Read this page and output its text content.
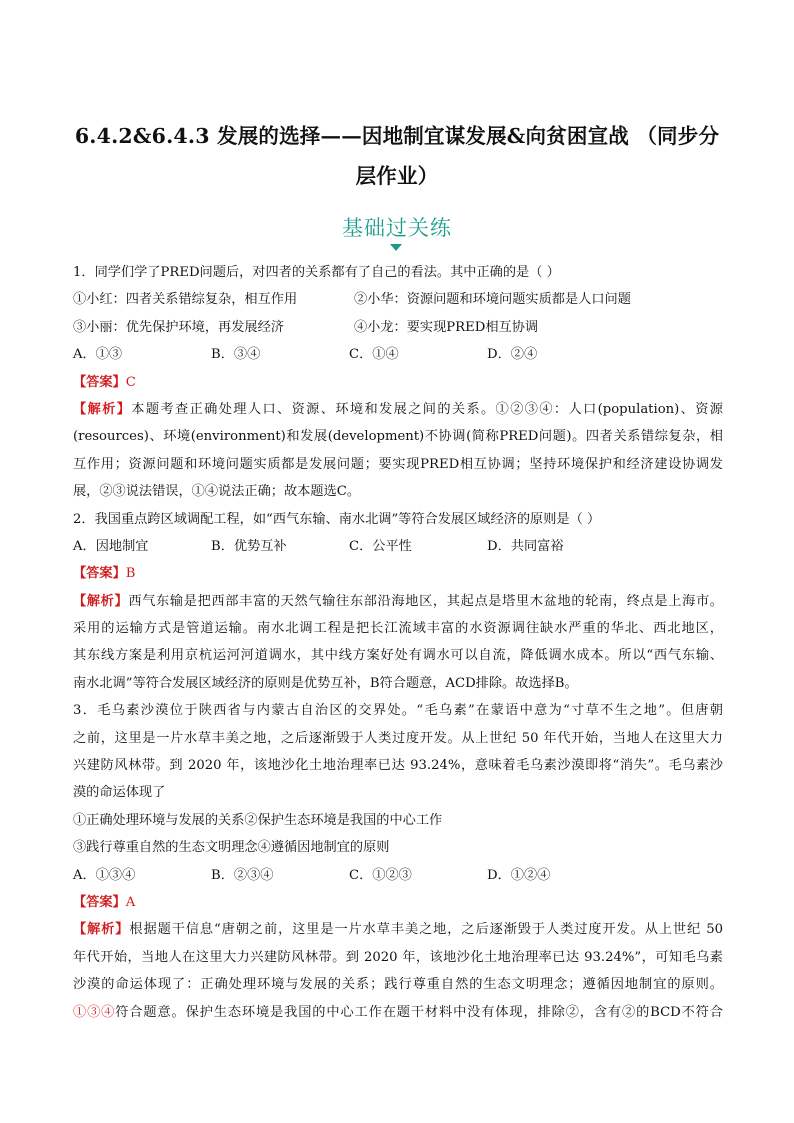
6.4.2&6.4.3 发展的选择——因地制宜谋发展&向贫困宣战 （同步分
层作业）
基础过关练
1．同学们学了PRED问题后，对四者的关系都有了自己的看法。其中正确的是（ ）
①小红：四者关系错综复杂，相互作用	②小华：资源问题和环境问题实质都是人口问题
③小丽：优先保护环境，再发展经济	④小龙：要实现PRED相互协调
A．①③	B．③④	C．①④	D．②④
【答案】C
【解析】本题考查正确处理人口、资源、环境和发展之间的关系。①②③④：人口(population)、资源
(resources)、环境(environment)和发展(development)不协调(简称PRED问题)。四者关系错综复杂，相
互作用；资源问题和环境问题实质都是发展问题；要实现PRED相互协调；坚持环境保护和经济建设协调发
展，②③说法错误，①④说法正确；故本题选C。
2．我国重点跨区域调配工程，如“西气东输、南水北调”等符合发展区域经济的原则是（ ）
A．因地制宜	B．优势互补	C．公平性	D．共同富裕
【答案】B
【解析】西气东输是把西部丰富的天然气输往东部沿海地区，其起点是塔里木盆地的轮南，终点是上海市。
采用的运输方式是管道运输。南水北调工程是把长江流域丰富的水资源调往缺水严重的华北、西北地区，
其东线方案是利用京杭运河河道调水，其中线方案好处有调水可以自流，降低调水成本。所以“西气东输、
南水北调”等符合发展区域经济的原则是优势互补，B符合题意，ACD排除。故选择B。
3．毛乌素沙漠位于陕西省与内蒙古自治区的交界处。“毛乌素”在蒙语中意为“寸草不生之地”。但唐朝
之前，这里是一片水草丰美之地，之后逐渐毁于人类过度开发。从上世纪 50 年代开始，当地人在这里大力
兴建防风林带。到 2020 年，该地沙化土地治理率已达 93.24%，意味着毛乌素沙漠即将“消失”。毛乌素沙
漠的命运体现了
①正确处理环境与发展的关系②保护生态环境是我国的中心工作
③践行尊重自然的生态文明理念④遵循因地制宜的原则
A．①③④	B．②③④	C．①②③	D．①②④
【答案】A
【解析】根据题干信息“唐朝之前，这里是一片水草丰美之地，之后逐渐毁于人类过度开发。从上世纪 50
年代开始，当地人在这里大力兴建防风林带。到 2020 年，该地沙化土地治理率已达 93.24%”，可知毛乌素
沙漠的命运体现了：正确处理环境与发展的关系；践行尊重自然的生态文明理念；遵循因地制宜的原则。
①③④符合题意。保护生态环境是我国的中心工作在题干材料中没有体现，排除②，含有②的BCD不符合
